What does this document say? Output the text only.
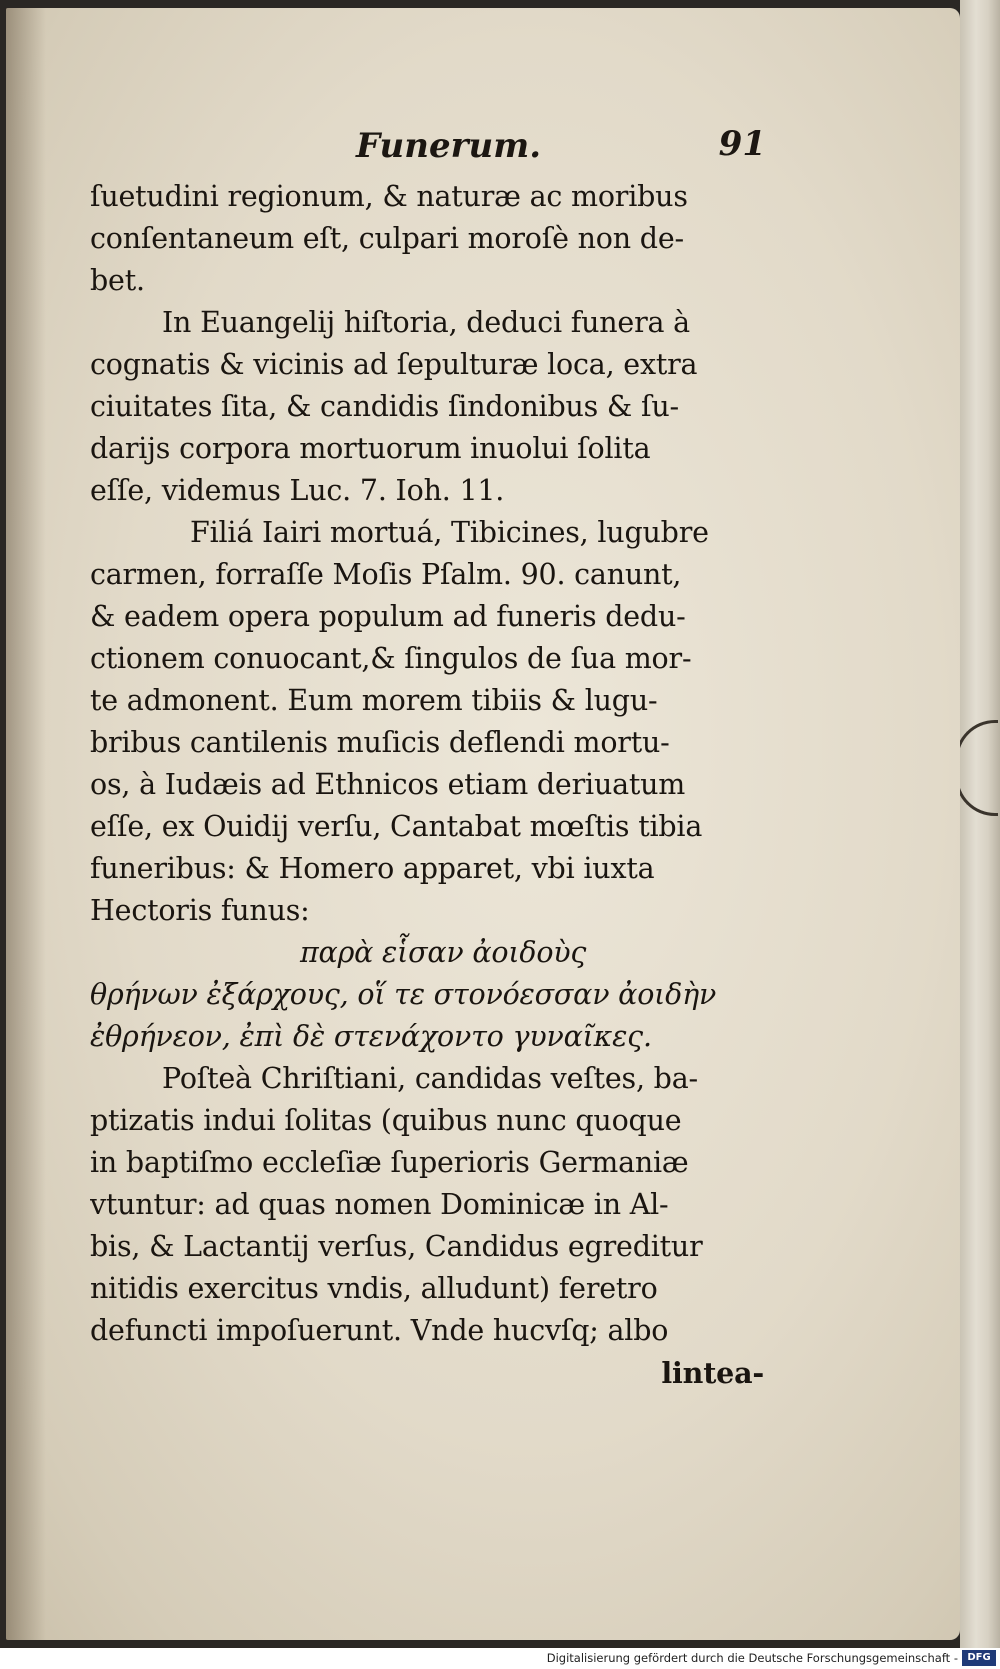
Funerum.	91
ſuetudini regionum, & naturæ ac moribus
conſentaneum eſt, culpari moroſè non de-
bet.
In Euangelij hiſtoria, deduci funera à
cognatis & vicinis ad ſepulturæ loca, extra
ciuitates ſita, & candidis ſindonibus & ſu-
darijs corpora mortuorum inuolui ſolita
eſſe, videmus Luc. 7. Ioh. 11.
Filiá Iairi mortuá, Tibicines, lugubre
carmen, forraſſe Moſis Pſalm. 90. canunt,
& eadem opera populum ad funeris dedu-
ctionem conuocant,& ſingulos de ſua mor-
te admonent. Eum morem tibiis & lugu-
bribus cantilenis muſicis deflendi mortu-
os, à Iudæis ad Ethnicos etiam deriuatum
eſſe, ex Ouidij verſu, Cantabat mœſtis tibia
funeribus: & Homero apparet, vbi iuxta
Hectoris funus:
παρὰ εἷσαν ἀοιδοὺς
θρήνων ἐξάρχους, οἵ τε στονόεσσαν ἀοιδὴν
ἐθρήνεον, ἐπὶ δὲ στενάχοντο γυναῖκες.
Poſteà Chriſtiani, candidas veſtes, ba-
ptizatis indui ſolitas (quibus nunc quoque
in baptiſmo eccleſiæ ſuperioris Germaniæ
vtuntur: ad quas nomen Dominicæ in Al-
bis, & Lactantij verſus, Candidus egreditur
nitidis exercitus vndis, alludunt) feretro
defuncti impoſuerunt. Vnde hucvſq; albo
lintea-
Digitalisierung gefördert durch die Deutsche Forschungsgemeinschaft - DFG
